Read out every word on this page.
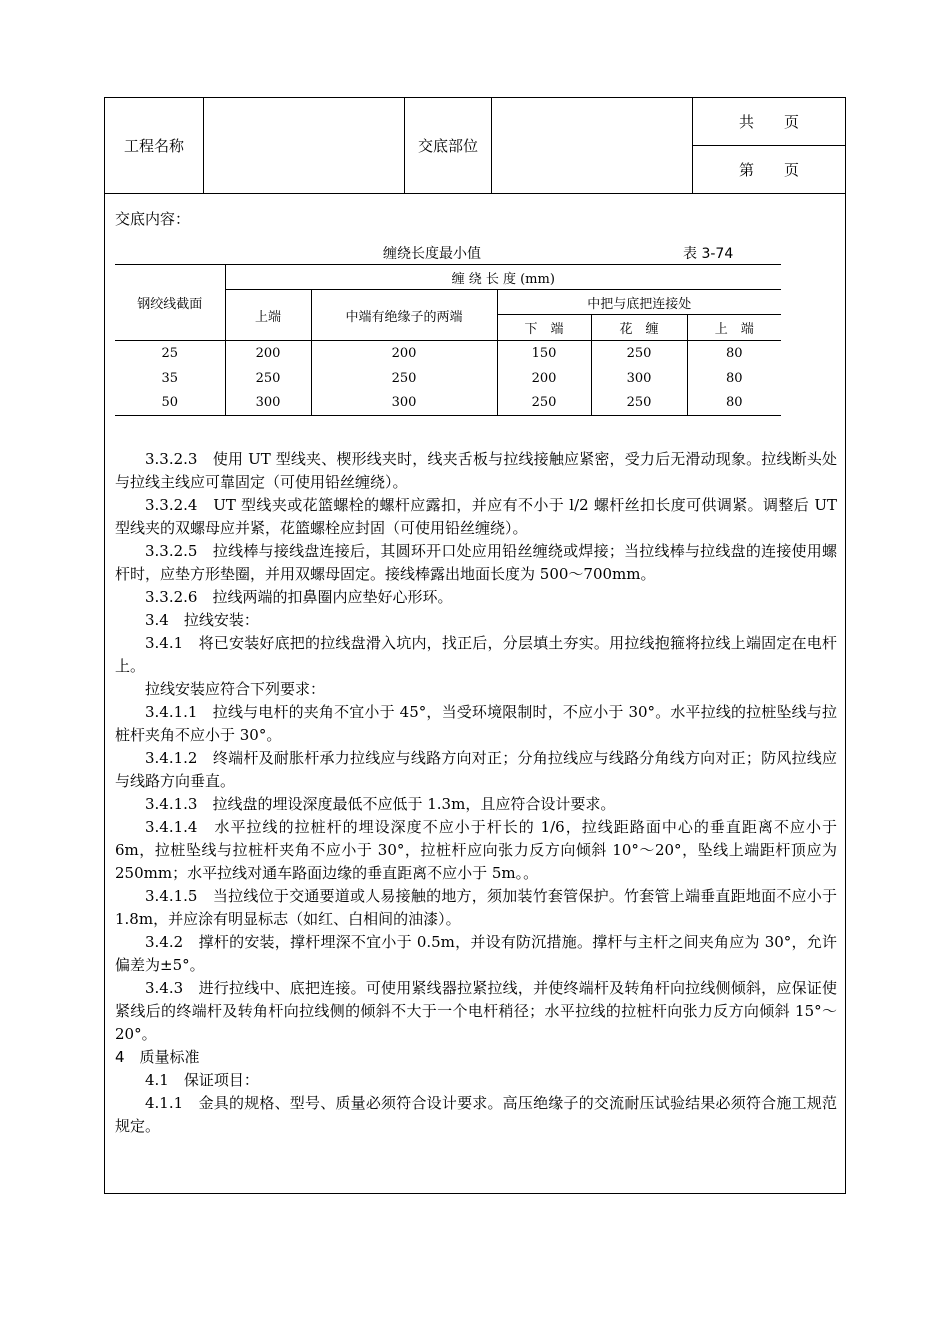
工程名称	交底部位
共　　页
第　　页
交底内容：
缠绕长度最小值	表 3-74
钢绞线截面	缠 绕 长 度 (mm)				
	上端	中端有绝缘子的两端	中把与底把连接处		
			下　端	花　缠	上　端
25	200	200	150	250	80
35	250	250	200	300	80
50	300	300	250	250	80

3.3.2.3　使用 UT 型线夹、楔形线夹时，线夹舌板与拉线接触应紧密，受力后无滑动现象。拉线断头处与拉线主线应可靠固定（可使用铅丝缠绕）。

3.3.2.4　UT 型线夹或花篮螺栓的螺杆应露扣，并应有不小于 l/2 螺杆丝扣长度可供调紧。调整后 UT 型线夹的双螺母应并紧，花篮螺栓应封固（可使用铅丝缠绕）。

3.3.2.5　拉线棒与接线盘连接后，其圆环开口处应用铅丝缠绕或焊接；当拉线棒与拉线盘的连接使用螺杆时，应垫方形垫圈，并用双螺母固定。接线棒露出地面长度为 500～700mm。

3.3.2.6　拉线两端的扣鼻圈内应垫好心形环。

3.4　拉线安装：

3.4.1　将已安装好底把的拉线盘滑入坑内，找正后，分层填土夯实。用拉线抱箍将拉线上端固定在电杆上。

拉线安装应符合下列要求：

3.4.1.1　拉线与电杆的夹角不宜小于 45°，当受环境限制时，不应小于 30°。水平拉线的拉桩坠线与拉桩杆夹角不应小于 30°。

3.4.1.2　终端杆及耐胀杆承力拉线应与线路方向对正；分角拉线应与线路分角线方向对正；防风拉线应与线路方向垂直。

3.4.1.3　拉线盘的埋设深度最低不应低于 1.3m，且应符合设计要求。

3.4.1.4　水平拉线的拉桩杆的埋设深度不应小于杆长的 1/6，拉线距路面中心的垂直距离不应小于 6m，拉桩坠线与拉桩杆夹角不应小于 30°，拉桩杆应向张力反方向倾斜 10°～20°，坠线上端距杆顶应为 250mm；水平拉线对通车路面边缘的垂直距离不应小于 5m。。

3.4.1.5　当拉线位于交通要道或人易接触的地方，须加装竹套管保护。竹套管上端垂直距地面不应小于 1.8m，并应涂有明显标志（如红、白相间的油漆）。

3.4.2　撑杆的安装，撑杆埋深不宜小于 0.5m，并设有防沉措施。撑杆与主杆之间夹角应为 30°，允许偏差为±5°。

3.4.3　进行拉线中、底把连接。可使用紧线器拉紧拉线，并使终端杆及转角杆向拉线侧倾斜，应保证使紧线后的终端杆及转角杆向拉线侧的倾斜不大于一个电杆稍径；水平拉线的拉桩杆向张力反方向倾斜 15°～20°。

4　质量标准

4.1　保证项目：

4.1.1　金具的规格、型号、质量必须符合设计要求。高压绝缘子的交流耐压试验结果必须符合施工规范规定。
